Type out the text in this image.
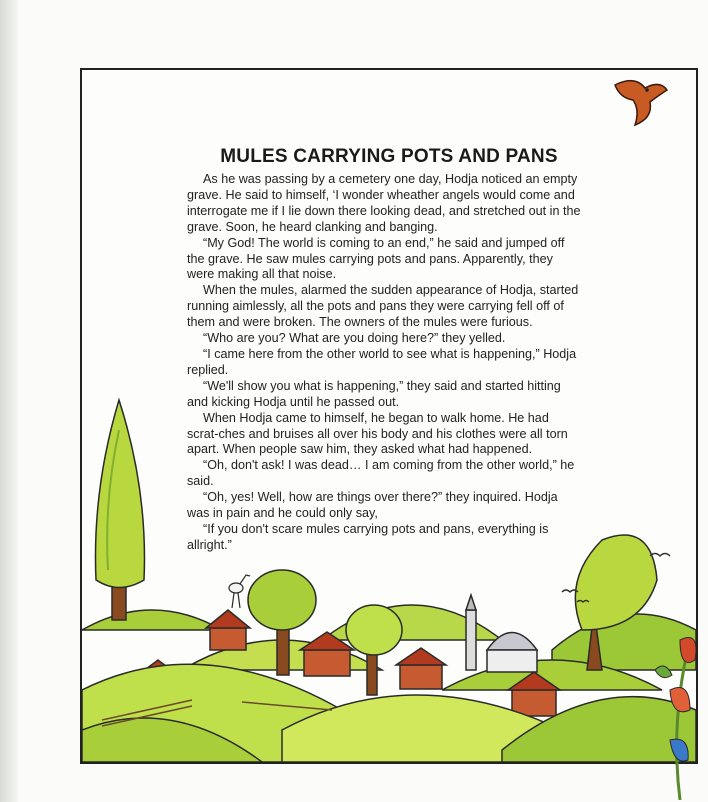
MULES CARRYING POTS AND PANS

As he was passing by a cemetery one day, Hodja noticed an empty grave. He said to himself, ‘I wonder wheather angels would come and interrogate me if I lie down there looking dead, and stretched out in the grave. Soon, he heard clanking and banging.

“My God! The world is coming to an end,” he said and jumped off the grave. He saw mules carrying pots and pans. Apparently, they were making all that noise.

When the mules, alarmed the sudden appearance of Hodja, started running aimlessly, all the pots and pans they were carrying fell off of them and were broken. The owners of the mules were furious.

“Who are you? What are you doing here?” they yelled.

“I came here from the other world to see what is happening,” Hodja replied.

“We'll show you what is happening,” they said and started hitting and kicking Hodja until he passed out.

When Hodja came to himself, he began to walk home. He had scrat-ches and bruises all over his body and his clothes were all torn apart. When people saw him, they asked what had happened.

“Oh, don't ask! I was dead… I am coming from the other world,” he said.

“Oh, yes! Well, how are things over there?” they inquired. Hodja was in pain and he could only say,

“If you don't scare mules carrying pots and pans, everything is allright.”
